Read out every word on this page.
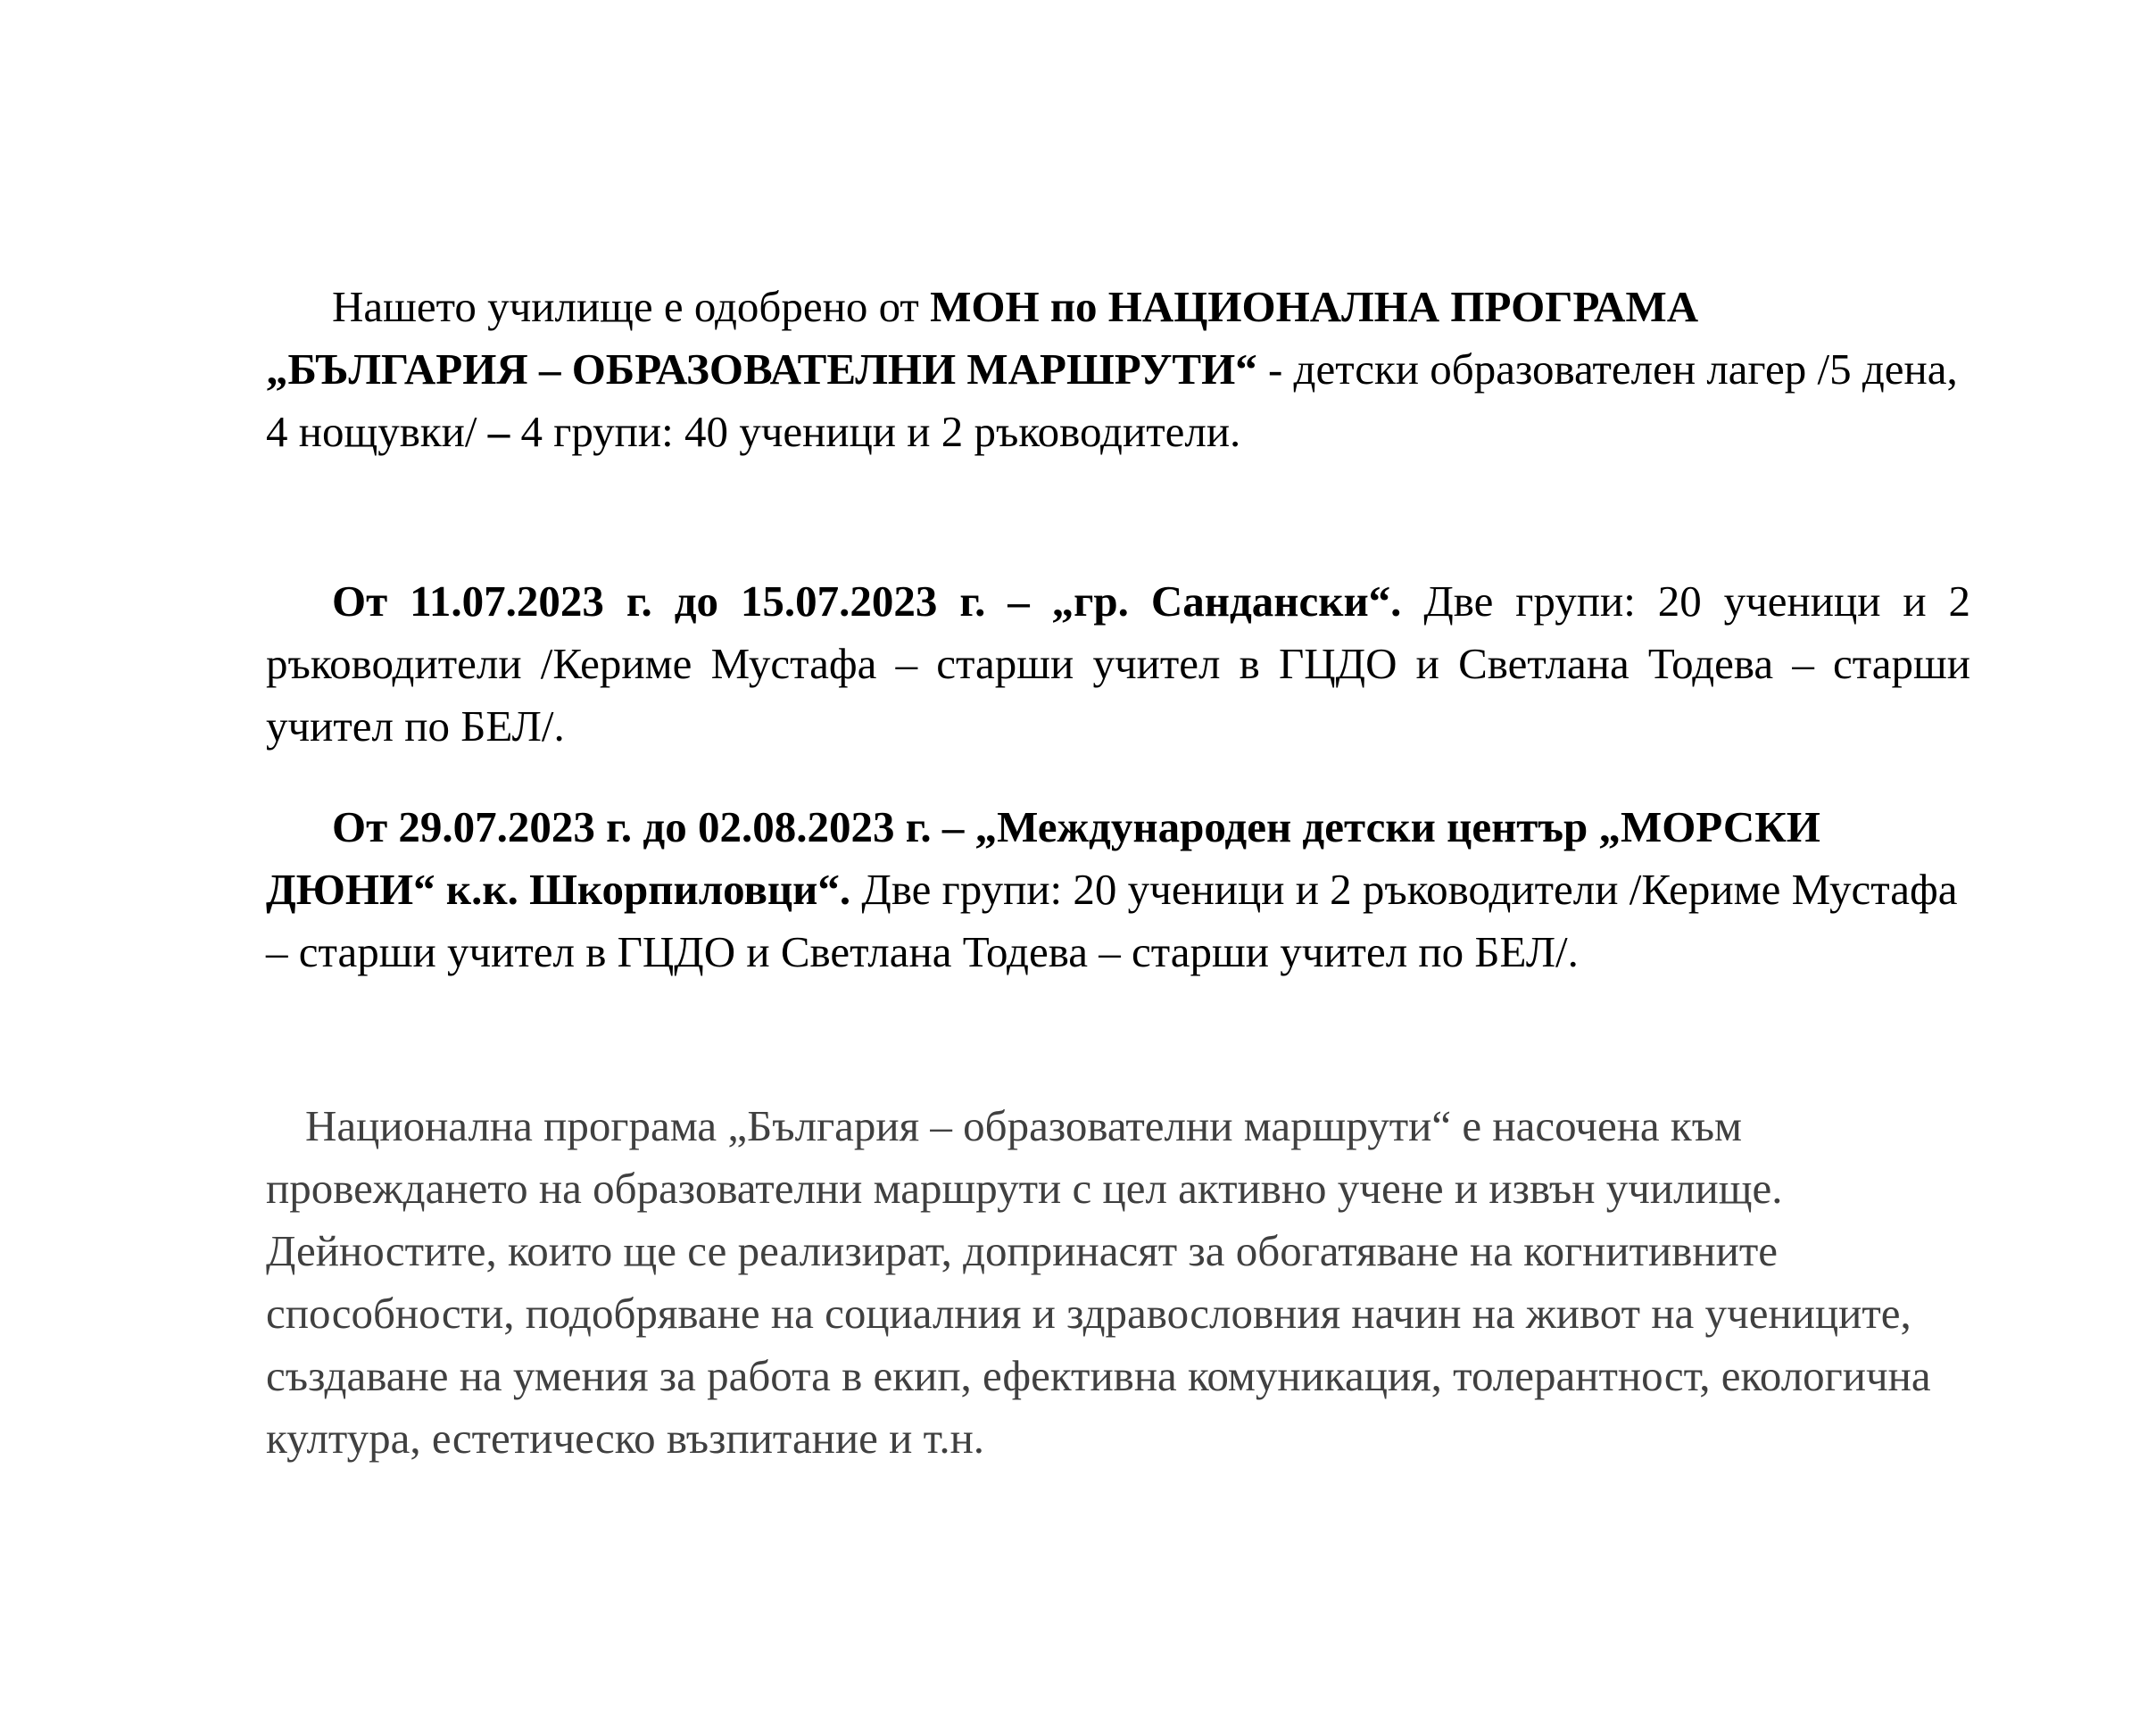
Нашето училище е одобрено от МОН по НАЦИОНАЛНА ПРОГРАМА „БЪЛГАРИЯ – ОБРАЗОВАТЕЛНИ МАРШРУТИ“ - детски образователен лагер /5 дена, 4 нощувки/ – 4 групи: 40 ученици и 2 ръководители.

От 11.07.2023 г. до 15.07.2023 г. – „гр. Сандански“. Две групи: 20 ученици и 2 ръководители /Кериме Мустафа – старши учител в ГЦДО и Светлана Тодева – старши учител по БЕЛ/.

От 29.07.2023 г. до 02.08.2023 г. – „Международен детски център „МОРСКИ ДЮНИ“ к.к. Шкорпиловци“. Две групи: 20 ученици и 2 ръководители /Кериме Мустафа – старши учител в ГЦДО и Светлана Тодева – старши учител по БЕЛ/.

Национална програма „България – образователни маршрути“ е насочена към провеждането на образователни маршрути с цел активно учене и извън училище. Дейностите, които ще се реализират, допринасят за обогатяване на когнитивните способности, подобряване на социалния и здравословния начин на живот на учениците, създаване на умения за работа в екип, ефективна комуникация, толерантност, екологична култура, естетическо възпитание и т.н.
